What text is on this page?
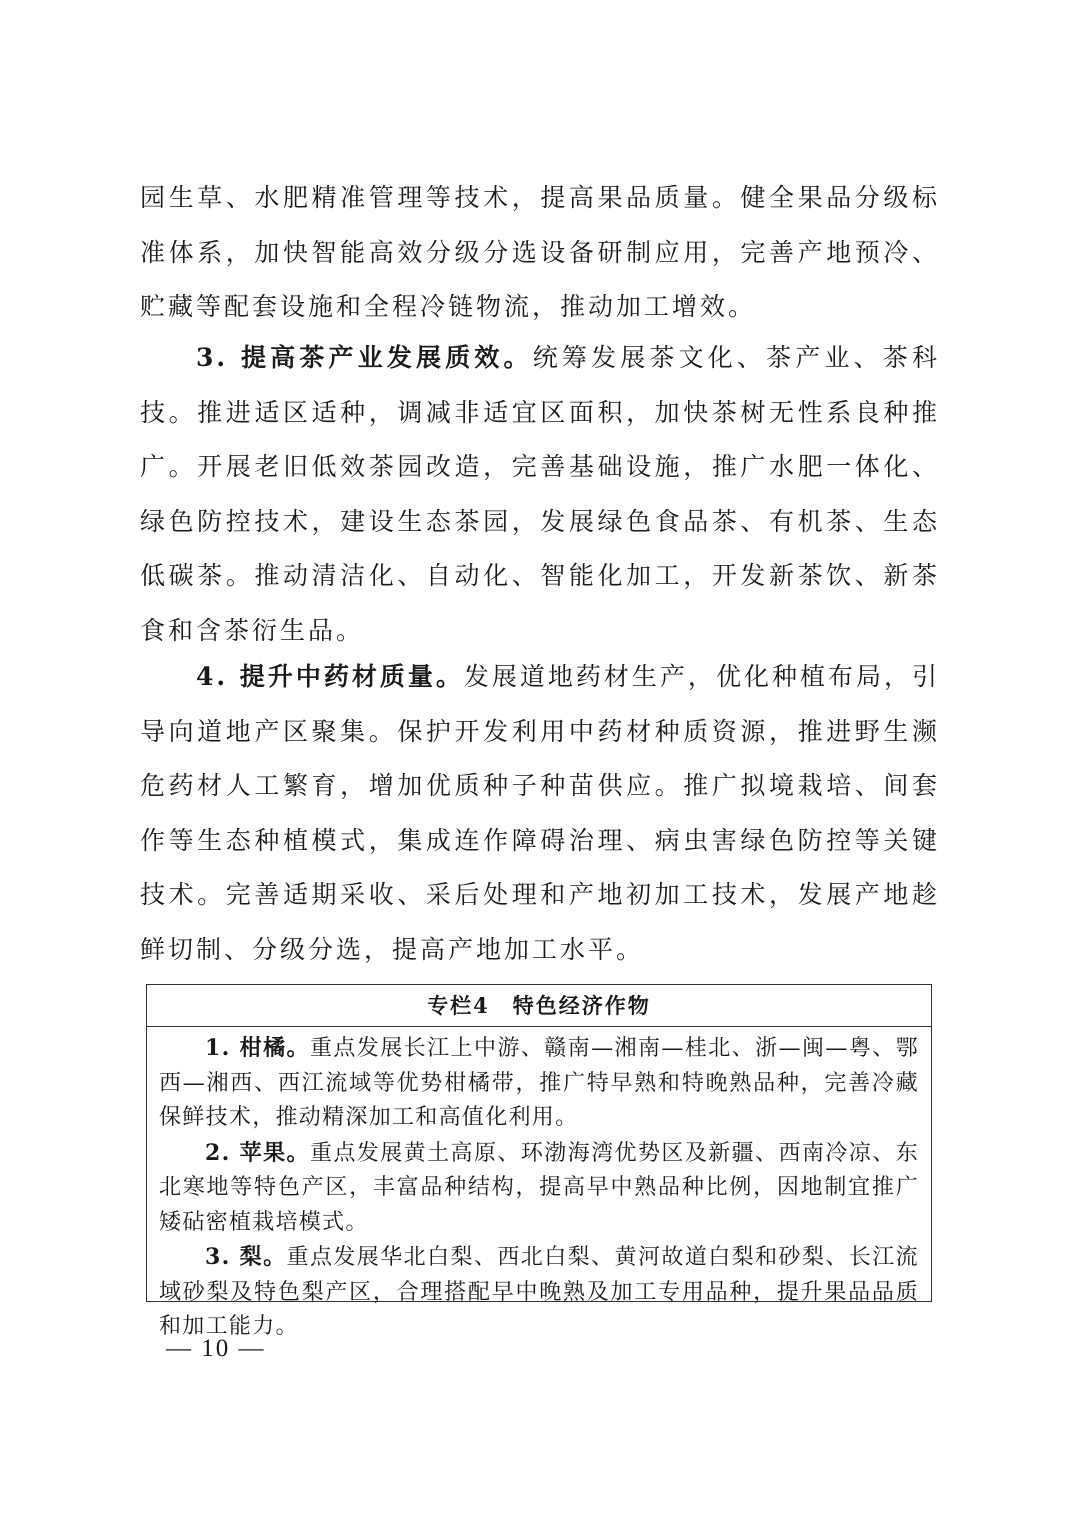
园生草、水肥精准管理等技术，提高果品质量。健全果品分级标准体系，加快智能高效分级分选设备研制应用，完善产地预冷、贮藏等配套设施和全程冷链物流，推动加工增效。

3. 提高茶产业发展质效。统筹发展茶文化、茶产业、茶科技。推进适区适种，调减非适宜区面积，加快茶树无性系良种推广。开展老旧低效茶园改造，完善基础设施，推广水肥一体化、绿色防控技术，建设生态茶园，发展绿色食品茶、有机茶、生态低碳茶。推动清洁化、自动化、智能化加工，开发新茶饮、新茶食和含茶衍生品。

4. 提升中药材质量。发展道地药材生产，优化种植布局，引导向道地产区聚集。保护开发利用中药材种质资源，推进野生濒危药材人工繁育，增加优质种子种苗供应。推广拟境栽培、间套作等生态种植模式，集成连作障碍治理、病虫害绿色防控等关键技术。完善适期采收、采后处理和产地初加工技术，发展产地趁鲜切制、分级分选，提高产地加工水平。

专栏4　特色经济作物

1. 柑橘。重点发展长江上中游、赣南—湘南—桂北、浙—闽—粤、鄂西—湘西、西江流域等优势柑橘带，推广特早熟和特晚熟品种，完善冷藏保鲜技术，推动精深加工和高值化利用。

2. 苹果。重点发展黄土高原、环渤海湾优势区及新疆、西南冷凉、东北寒地等特色产区，丰富品种结构，提高早中熟品种比例，因地制宜推广矮砧密植栽培模式。

3. 梨。重点发展华北白梨、西北白梨、黄河故道白梨和砂梨、长江流域砂梨及特色梨产区，合理搭配早中晚熟及加工专用品种，提升果品品质和加工能力。

— 10 —
